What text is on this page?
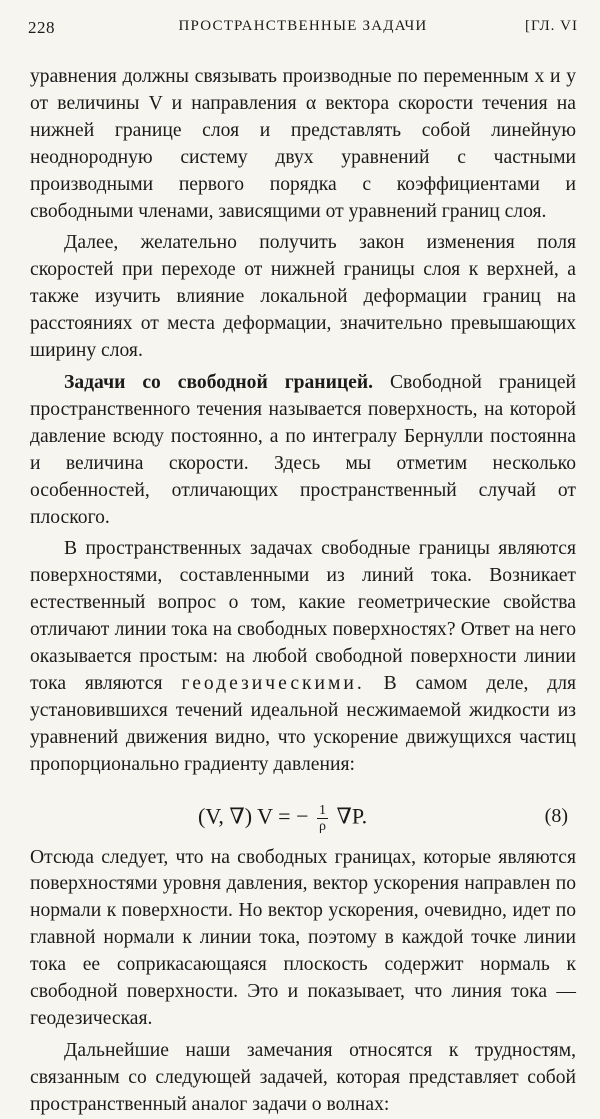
228	ПРОСТРАНСТВЕННЫЕ ЗАДАЧИ	[ГЛ. VI

уравнения должны связывать производные по переменным x и y от величины V и направления α вектора скорости течения на нижней границе слоя и представлять собой линейную неоднородную систему двух уравнений с частными производными первого порядка с коэффициентами и свободными членами, зависящими от уравнений границ слоя.

Далее, желательно получить закон изменения поля скоростей при переходе от нижней границы слоя к верхней, а также изучить влияние локальной деформации границ на расстояниях от места деформации, значительно превышающих ширину слоя.

Задачи со свободной границей. Свободной границей пространственного течения называется поверхность, на которой давление всюду постоянно, а по интегралу Бернулли постоянна и величина скорости. Здесь мы отметим несколько особенностей, отличающих пространственный случай от плоского.

В пространственных задачах свободные границы являются поверхностями, составленными из линий тока. Возникает естественный вопрос о том, какие геометрические свойства отличают линии тока на свободных поверхностях? Ответ на него оказывается простым: на любой свободной поверхности линии тока являются геодезическими. В самом деле, для установившихся течений идеальной несжимаемой жидкости из уравнений движения видно, что ускорение движущихся частиц пропорционально градиенту давления:

(V, ∇) V = − $\frac{1}{\rho} \nabla P$.	(8)

Отсюда следует, что на свободных границах, которые являются поверхностями уровня давления, вектор ускорения направлен по нормали к поверхности. Но вектор ускорения, очевидно, идет по главной нормали к линии тока, поэтому в каждой точке линии тока ее соприкасающаяся плоскость содержит нормаль к свободной поверхности. Это и показывает, что линия тока — геодезическая.

Дальнейшие наши замечания относятся к трудностям, связанным со следующей задачей, которая представляет собой пространственный аналог задачи о волнах:
